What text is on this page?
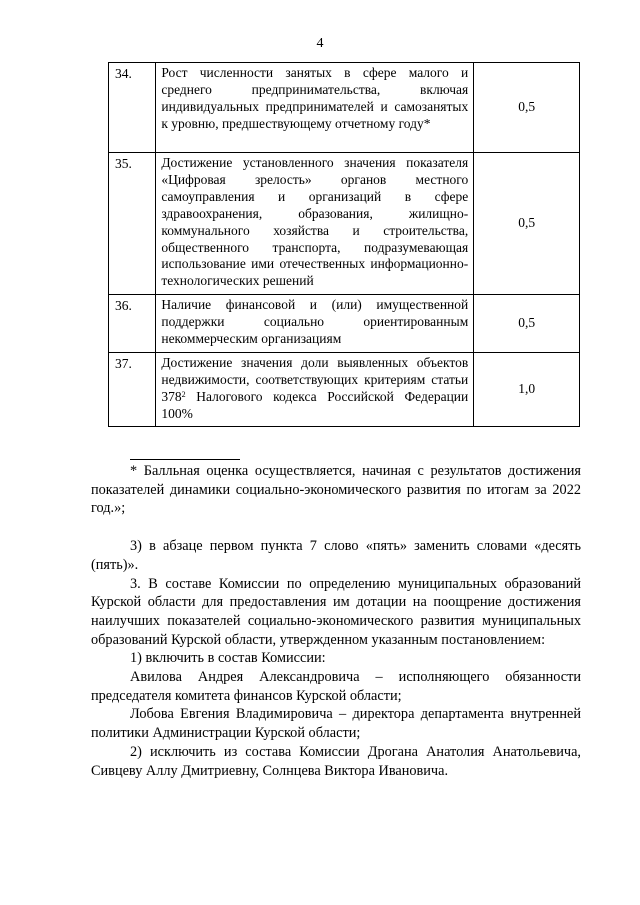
4
34.	Рост численности занятых в сфере малого и среднего предпринимательства, включая индивидуальных предпринимателей и самозанятых к уровню, предшествующему отчетному году*	0,5
35.	Достижение установленного значения показателя «Цифровая зрелость» органов местного самоуправления и организаций в сфере здравоохранения, образования, жилищно-коммунального хозяйства и строительства, общественного транспорта, подразумевающая использование ими отечественных информационно-технологических решений	0,5
36.	Наличие финансовой и (или) имущественной поддержки социально ориентированным некоммерческим организациям	0,5
37.	Достижение значения доли выявленных объектов недвижимости, соответствующих критериям статьи $378^2$ Налогового кодекса Российской Федерации 100%	1,0

* Балльная оценка осуществляется, начиная с результатов достижения показателей динамики социально-экономического развития по итогам за 2022 год.»;

3) в абзаце первом пункта 7 слово «пять» заменить словами «десять (пять)».

3. В составе Комиссии по определению муниципальных образований Курской области для предоставления им дотации на поощрение достижения наилучших показателей социально-экономического развития муниципальных образований Курской области, утвержденном указанным постановлением:

1) включить в состав Комиссии:

Авилова Андрея Александровича – исполняющего обязанности председателя комитета финансов Курской области;

Лобова Евгения Владимировича – директора департамента внутренней политики Администрации Курской области;

2) исключить из состава Комиссии Дрогана Анатолия Анатольевича, Сивцеву Аллу Дмитриевну, Солнцева Виктора Ивановича.
